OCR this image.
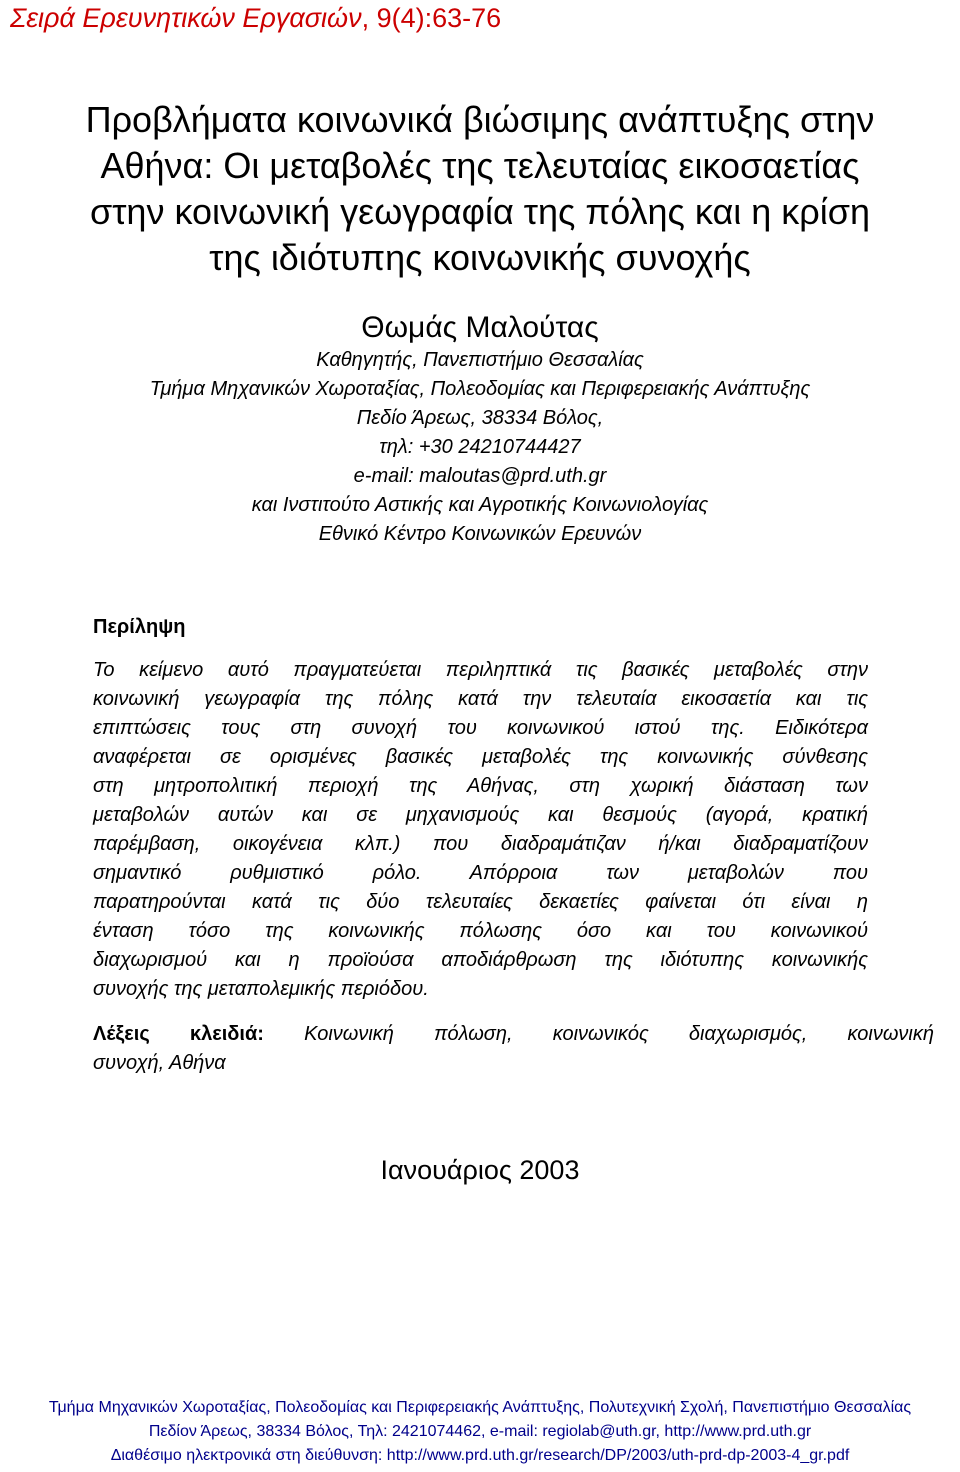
Σειρά Ερευνητικών Εργασιών, 9(4):63-76
Προβλήματα κοινωνικά βιώσιμης ανάπτυξης στην
Αθήνα: Οι μεταβολές της τελευταίας εικοσαετίας
στην κοινωνική γεωγραφία της πόλης και η κρίση
της ιδιότυπης κοινωνικής συνοχής
Θωμάς Μαλούτας
Καθηγητής, Πανεπιστήμιο Θεσσαλίας
Τμήμα Μηχανικών Χωροταξίας, Πολεοδομίας και Περιφερειακής Ανάπτυξης
Πεδίο Άρεως, 38334 Βόλος,
τηλ: +30 24210744427
e-mail: maloutas@prd.uth.gr
και Ινστιτούτο Αστικής και Αγροτικής Κοινωνιολογίας
Εθνικό Κέντρο Κοινωνικών Ερευνών
Περίληψη
Το κείμενο αυτό πραγματεύεται περιληπτικά τις βασικές μεταβολές στην
κοινωνική γεωγραφία της πόλης κατά την τελευταία εικοσαετία και τις
επιπτώσεις τους στη συνοχή του κοινωνικού ιστού της. Ειδικότερα
αναφέρεται σε ορισμένες βασικές μεταβολές της κοινωνικής σύνθεσης
στη μητροπολιτική περιοχή της Αθήνας, στη χωρική διάσταση των
μεταβολών αυτών και σε μηχανισμούς και θεσμούς (αγορά, κρατική
παρέμβαση, οικογένεια κλπ.) που διαδραμάτιζαν ή/και διαδραματίζουν
σημαντικό ρυθμιστικό ρόλο. Απόρροια των μεταβολών που
παρατηρούνται κατά τις δύο τελευταίες δεκαετίες φαίνεται ότι είναι η
ένταση τόσο της κοινωνικής πόλωσης όσο και του κοινωνικού
διαχωρισμού και η προϊούσα αποδιάρθρωση της ιδιότυπης κοινωνικής
συνοχής της μεταπολεμικής περιόδου.
Λέξεις κλειδιά: Κοινωνική πόλωση, κοινωνικός διαχωρισμός, κοινωνική
συνοχή, Αθήνα
Ιανουάριος 2003
Τμήμα Μηχανικών Χωροταξίας, Πολεοδομίας και Περιφερειακής Ανάπτυξης, Πολυτεχνική Σχολή, Πανεπιστήμιο Θεσσαλίας
Πεδίον Άρεως, 38334 Βόλος, Τηλ: 2421074462, e-mail: regiolab@uth.gr, http://www.prd.uth.gr
Διαθέσιμο ηλεκτρονικά στη διεύθυνση: http://www.prd.uth.gr/research/DP/2003/uth-prd-dp-2003-4_gr.pdf
